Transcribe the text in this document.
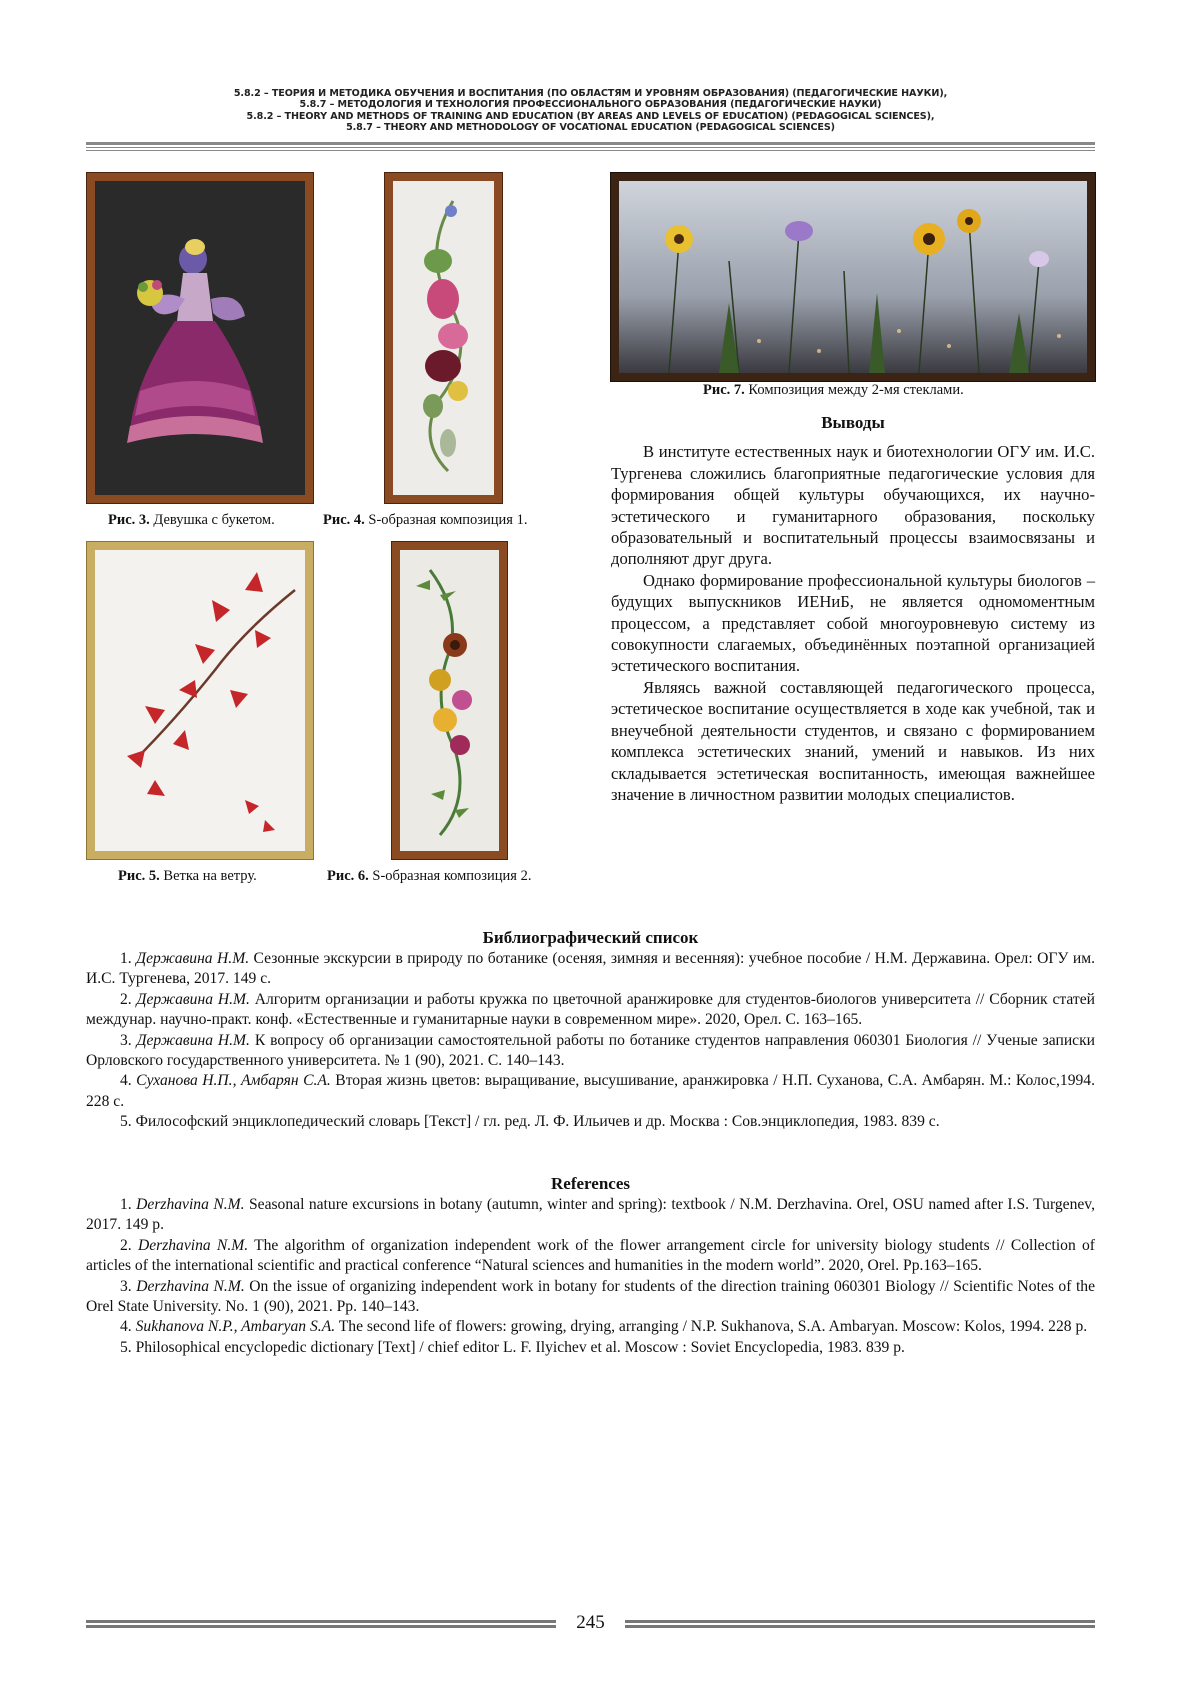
5.8.2 – ТЕОРИЯ И МЕТОДИКА ОБУЧЕНИЯ И ВОСПИТАНИЯ (ПО ОБЛАСТЯМ И УРОВНЯМ ОБРАЗОВАНИЯ) (ПЕДАГОГИЧЕСКИЕ НАУКИ),
5.8.7 – МЕТОДОЛОГИЯ И ТЕХНОЛОГИЯ ПРОФЕССИОНАЛЬНОГО ОБРАЗОВАНИЯ (ПЕДАГОГИЧЕСКИЕ НАУКИ)
5.8.2 – THEORY AND METHODS OF TRAINING AND EDUCATION (BY AREAS AND LEVELS OF EDUCATION) (PEDAGOGICAL SCIENCES),
5.8.7 – THEORY AND METHODOLOGY OF VOCATIONAL EDUCATION (PEDAGOGICAL SCIENCES)
Рис. 3. Девушка с букетом.	Рис. 4. S-образная композиция 1.
Рис. 5. Ветка на ветру.	Рис. 6. S-образная композиция 2.
Рис. 7. Композиция между 2-мя стеклами.
Выводы

В институте естественных наук и биотехнологии ОГУ им. И.С. Тургенева сложились благоприятные педагогические условия для формирования общей культуры обучающихся, их научно-эстетического и гуманитарного образования, поскольку образовательный и воспитательный процессы взаимосвязаны и дополняют друг друга.

Однако формирование профессиональной культуры биологов – будущих выпускников ИЕНиБ, не является одномоментным процессом, а представляет собой многоуровневую систему из совокупности слагаемых, объединённых поэтапной организацией эстетического воспитания.

Являясь важной составляющей педагогического процесса, эстетическое воспитание осуществляется в ходе как учебной, так и внеучебной деятельности студентов, и связано с формированием комплекса эстетических знаний, умений и навыков. Из них складывается эстетическая воспитанность, имеющая важнейшее значение в личностном развитии молодых специалистов.

Библиографический список

1. Державина Н.М. Сезонные экскурсии в природу по ботанике (осеняя, зимняя и весенняя): учебное пособие / Н.М. Державина. Орел: ОГУ им. И.С. Тургенева, 2017. 149 с.

2. Державина Н.М. Алгоритм организации и работы кружка по цветочной аранжировке для студентов-биологов университета // Сборник статей междунар. научно-практ. конф. «Естественные и гуманитарные науки в современном мире». 2020, Орел. С. 163–165.

3. Державина Н.М. К вопросу об организации самостоятельной работы по ботанике студентов направления 060301 Биология // Ученые записки Орловского государственного университета. № 1 (90), 2021. С. 140–143.

4. Суханова Н.П., Амбарян С.А. Вторая жизнь цветов: выращивание, высушивание, аранжировка / Н.П. Суханова, С.А. Амбарян. М.: Колос,1994. 228 с.

5. Философский энциклопедический словарь [Текст] / гл. ред. Л. Ф. Ильичев и др. Москва : Сов.энциклопедия, 1983. 839 с.

References

1. Derzhavina N.M. Seasonal nature excursions in botany (autumn, winter and spring): textbook / N.M. Derzhavina. Orel, OSU named after I.S. Turgenev, 2017. 149 p.

2. Derzhavina N.M. The algorithm of organization independent work of the flower arrangement circle for university biology students // Collection of articles of the international scientific and practical conference “Natural sciences and humanities in the modern world”. 2020, Orel. Pp.163–165.

3. Derzhavina N.M. On the issue of organizing independent work in botany for students of the direction training 060301 Biology // Scientific Notes of the Orel State University. No. 1 (90), 2021. Pp. 140–143.

4. Sukhanova N.P., Ambaryan S.A. The second life of flowers: growing, drying, arranging / N.P. Sukhanova, S.A. Ambaryan. Moscow: Kolos, 1994. 228 p.

5. Philosophical encyclopedic dictionary [Text] / chief editor L. F. Ilyichev et al. Moscow : Soviet Encyclopedia, 1983. 839 p.

245
